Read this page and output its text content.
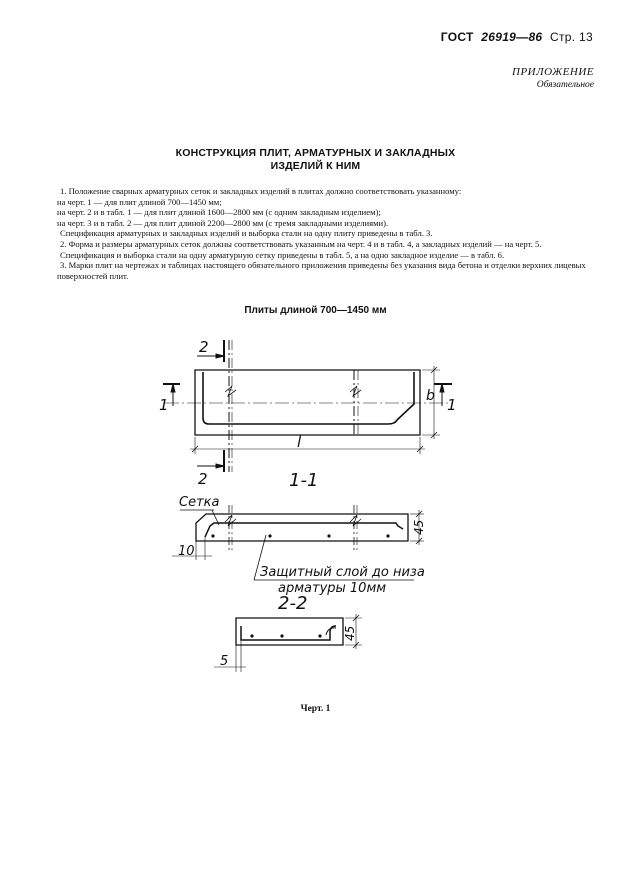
ГОСТ 26919—86 Стр. 13
ПРИЛОЖЕНИЕ
Обязательное
КОНСТРУКЦИЯ ПЛИТ, АРМАТУРНЫХ И ЗАКЛАДНЫХ
ИЗДЕЛИЙ К НИМ

1. Положение сварных арматурных сеток и закладных изделий в плитах должно соответствовать указанному:

на черт. 1 — для плит длиной 700—1450 мм;

на черт. 2 и в табл. 1 — для плит длиной 1600—2800 мм (с одним закладным изделием);

на черт. 3 и в табл. 2 — для плит длиной 2200—2800 мм (с тремя закладными изделиями).

Спецификация арматурных и закладных изделий и выборка стали на одну плиту приведены в табл. 3.

2. Форма и размеры арматурных сеток должны соответствовать указанным на черт. 4 и в табл. 4, а закладных изделий — на черт. 5.

Спецификация и выборка стали на одну арматурную сетку приведены в табл. 5, а на одно закладное изделие — в табл. 6.

3. Марки плит на чертежах и таблицах настоящего обязательного приложения приведены без указания вида бетона и отделки верхних лицевых поверхностей плит.

Плиты длиной 700—1450 мм
2
2
1	1
l
b
1-1
Сетка
10
45
Защитный слой до низа
арматуры 10мм
2-2
5
45
Черт. 1
